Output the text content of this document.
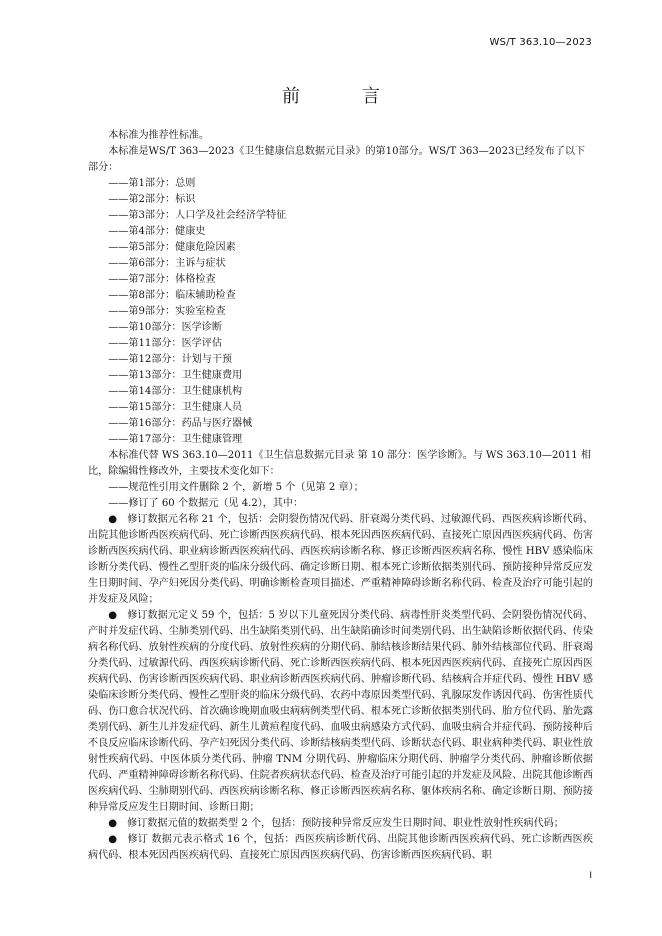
WS/T 363.10—2023
前　言

本标准为推荐性标准。

本标准是WS/T 363—2023《卫生健康信息数据元目录》的第10部分。WS/T 363—2023已经发布了以下部分：

——第1部分：总则

——第2部分：标识

——第3部分：人口学及社会经济学特征

——第4部分：健康史

——第5部分：健康危险因素

——第6部分：主诉与症状

——第7部分：体格检查

——第8部分：临床辅助检查

——第9部分：实验室检查

——第10部分：医学诊断

——第11部分：医学评估

——第12部分：计划与干预

——第13部分：卫生健康费用

——第14部分：卫生健康机构

——第15部分：卫生健康人员

——第16部分：药品与医疗器械

——第17部分：卫生健康管理

本标准代替 WS 363.10—2011《卫生信息数据元目录 第 10 部分：医学诊断》。与 WS 363.10—2011 相比，除编辑性修改外，主要技术变化如下：

——规范性引用文件删除 2 个，新增 5 个（见第 2 章）；

——修订了 60 个数据元（见 4.2），其中：

●　 修订数据元名称 21 个，包括：会阴裂伤情况代码、肝衰竭分类代码、过敏源代码、西医疾病诊断代码、出院其他诊断西医疾病代码、死亡诊断西医疾病代码、根本死因西医疾病代码、直接死亡原因西医疾病代码、伤害诊断西医疾病代码、职业病诊断西医疾病代码、西医疾病诊断名称、修正诊断西医疾病名称、慢性 HBV 感染临床诊断分类代码、慢性乙型肝炎的临床分级代码、确定诊断日期、根本死亡诊断依据类别代码、预防接种异常反应发生日期时间、孕产妇死因分类代码、明确诊断检查项目描述、严重精神障碍诊断名称代码、检查及治疗可能引起的并发症及风险；

●　 修订数据元定义 59 个，包括：5 岁以下儿童死因分类代码、病毒性肝炎类型代码、会阴裂伤情况代码、产时并发症代码、尘肺类别代码、出生缺陷类别代码、出生缺陷确诊时间类别代码、出生缺陷诊断依据代码、传染病名称代码、放射性疾病的分度代码、放射性疾病的分期代码、肺结核诊断结果代码、肺外结核部位代码、肝衰竭分类代码、过敏源代码、西医疾病诊断代码、死亡诊断西医疾病代码、根本死因西医疾病代码、直接死亡原因西医疾病代码、伤害诊断西医疾病代码、职业病诊断西医疾病代码、肿瘤诊断代码、结核病合并症代码、慢性 HBV 感染临床诊断分类代码、慢性乙型肝炎的临床分级代码、农药中毒原因类型代码、乳腺尿发作诱因代码、伤害性质代码、伤口愈合状况代码、首次确诊晚期血吸虫病病例类型代码、根本死亡诊断依据类别代码、胎方位代码、胎先露类别代码、新生儿并发症代码、新生儿黄疸程度代码、血吸虫病感染方式代码、血吸虫病合并症代码、预防接种后不良反应临床诊断代码、孕产妇死因分类代码、诊断结核病类型代码、诊断状态代码、职业病种类代码、职业性放射性疾病代码、中医体质分类代码、肿瘤 TNM 分期代码、肿瘤临床分期代码、肿瘤学分类代码、肿瘤诊断依据代码、严重精神障碍诊断名称代码、住院者疾病状态代码、检查及治疗可能引起的并发症及风险、出院其他诊断西医疾病代码、尘肺期别代码、西医疾病诊断名称、修正诊断西医疾病名称、躯体疾病名称、确定诊断日期、预防接种异常反应发生日期时间、诊断日期；

●　 修订数据元值的数据类型 2 个，包括：预防接种异常反应发生日期时间、职业性放射性疾病代码；

●　 修订 数据元表示格式 16 个，包括：西医疾病诊断代码、出院其他诊断西医疾病代码、死亡诊断西医疾病代码、根本死因西医疾病代码、直接死亡原因西医疾病代码、伤害诊断西医疾病代码、职

I
